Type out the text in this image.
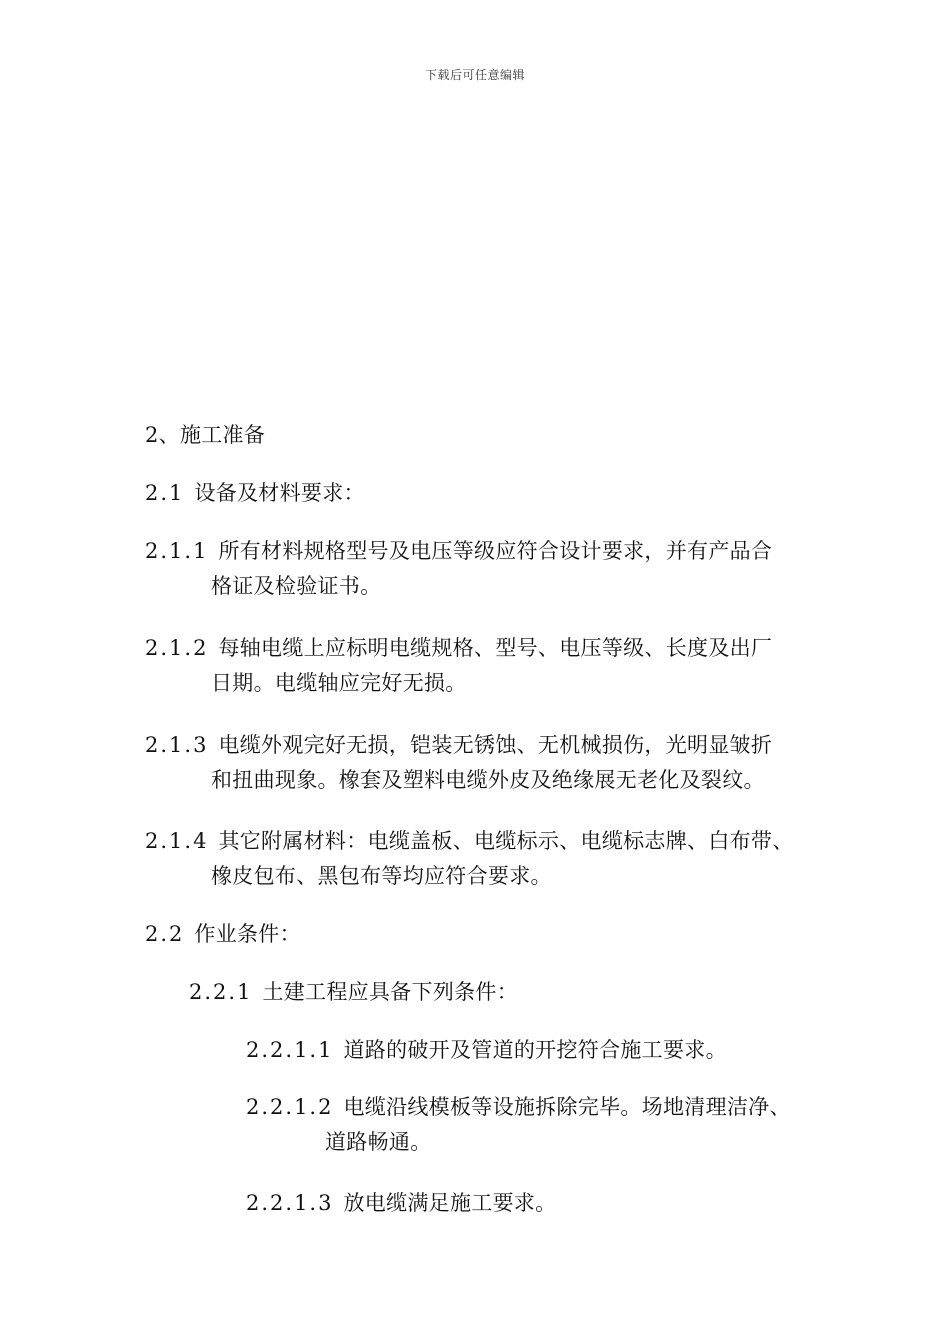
下载后可任意编辑
2、施工准备
2.1 设备及材料要求：
2.1.1 所有材料规格型号及电压等级应符合设计要求，并有产品合
格证及检验证书。
2.1.2 每轴电缆上应标明电缆规格、型号、电压等级、长度及出厂
日期。电缆轴应完好无损。
2.1.3 电缆外观完好无损，铠装无锈蚀、无机械损伤，光明显皱折
和扭曲现象。橡套及塑料电缆外皮及绝缘展无老化及裂纹。
2.1.4 其它附属材料：电缆盖板、电缆标示、电缆标志牌、白布带、
橡皮包布、黑包布等均应符合要求。
2.2 作业条件：
2.2.1 土建工程应具备下列条件：
2.2.1.1 道路的破开及管道的开挖符合施工要求。
2.2.1.2 电缆沿线模板等设施拆除完毕。场地清理洁净、
道路畅通。
2.2.1.3 放电缆满足施工要求。
